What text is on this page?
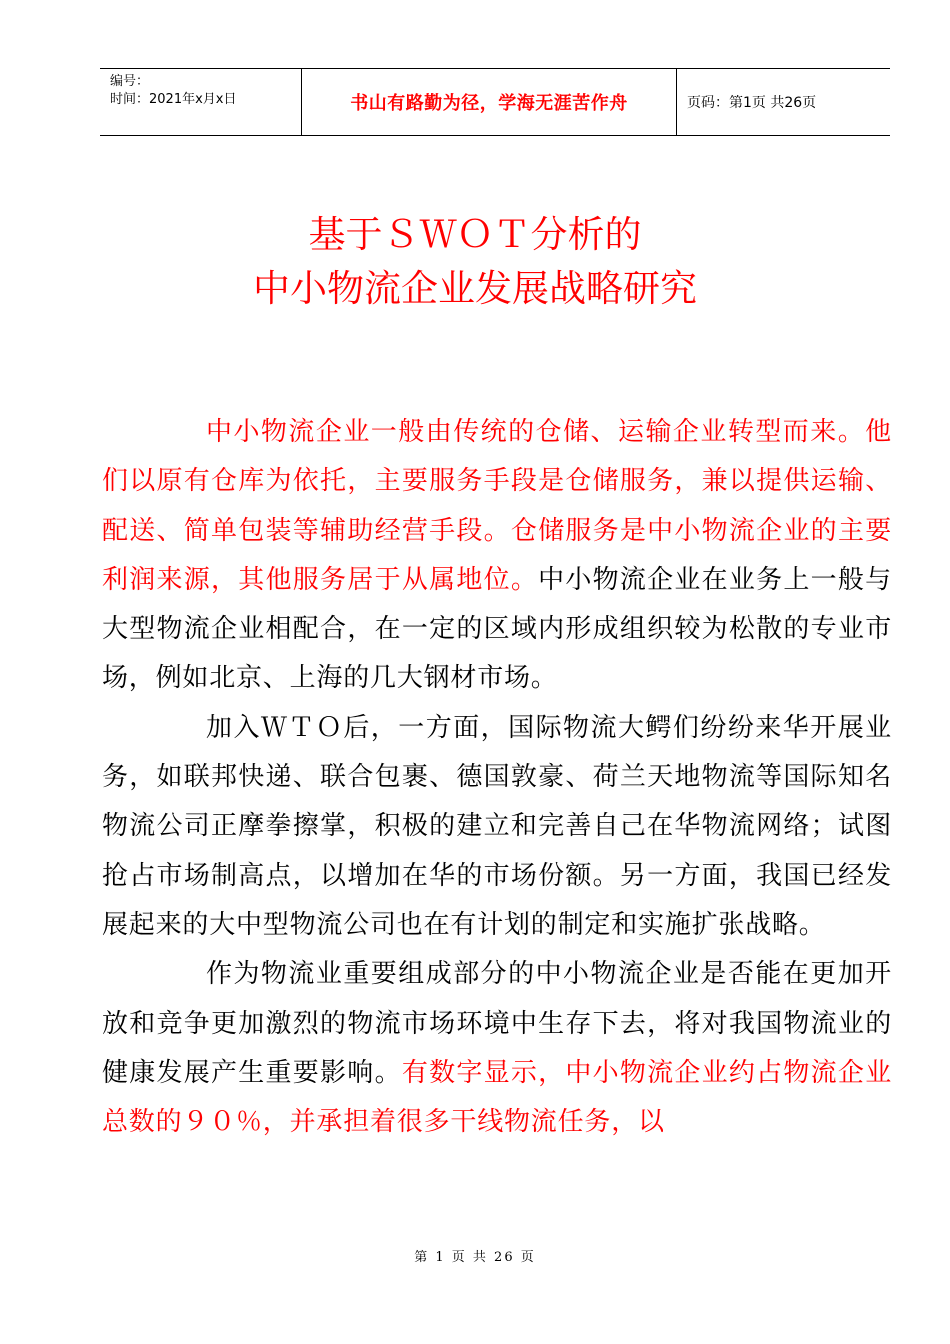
编号：
时间：2021年x月x日	书山有路勤为径，学海无涯苦作舟	页码：第1页 共26页
基于ＳＷＯＴ分析的
中小物流企业发展战略研究

中小物流企业一般由传统的仓储、运输企业转型而来。他们以原有仓库为依托，主要服务手段是仓储服务，兼以提供运输、配送、简单包装等辅助经营手段。仓储服务是中小物流企业的主要利润来源，其他服务居于从属地位。中小物流企业在业务上一般与大型物流企业相配合，在一定的区域内形成组织较为松散的专业市场，例如北京、上海的几大钢材市场。

加入ＷＴＯ后，一方面，国际物流大鳄们纷纷来华开展业务，如联邦快递、联合包裹、德国敦豪、荷兰天地物流等国际知名物流公司正摩拳擦掌，积极的建立和完善自己在华物流网络；试图抢占市场制高点，以增加在华的市场份额。另一方面，我国已经发展起来的大中型物流公司也在有计划的制定和实施扩张战略。

作为物流业重要组成部分的中小物流企业是否能在更加开放和竞争更加激烈的物流市场环境中生存下去，将对我国物流业的健康发展产生重要影响。有数字显示，中小物流企业约占物流企业总数的９０％，并承担着很多干线物流任务，以

第 1 页 共 26 页
